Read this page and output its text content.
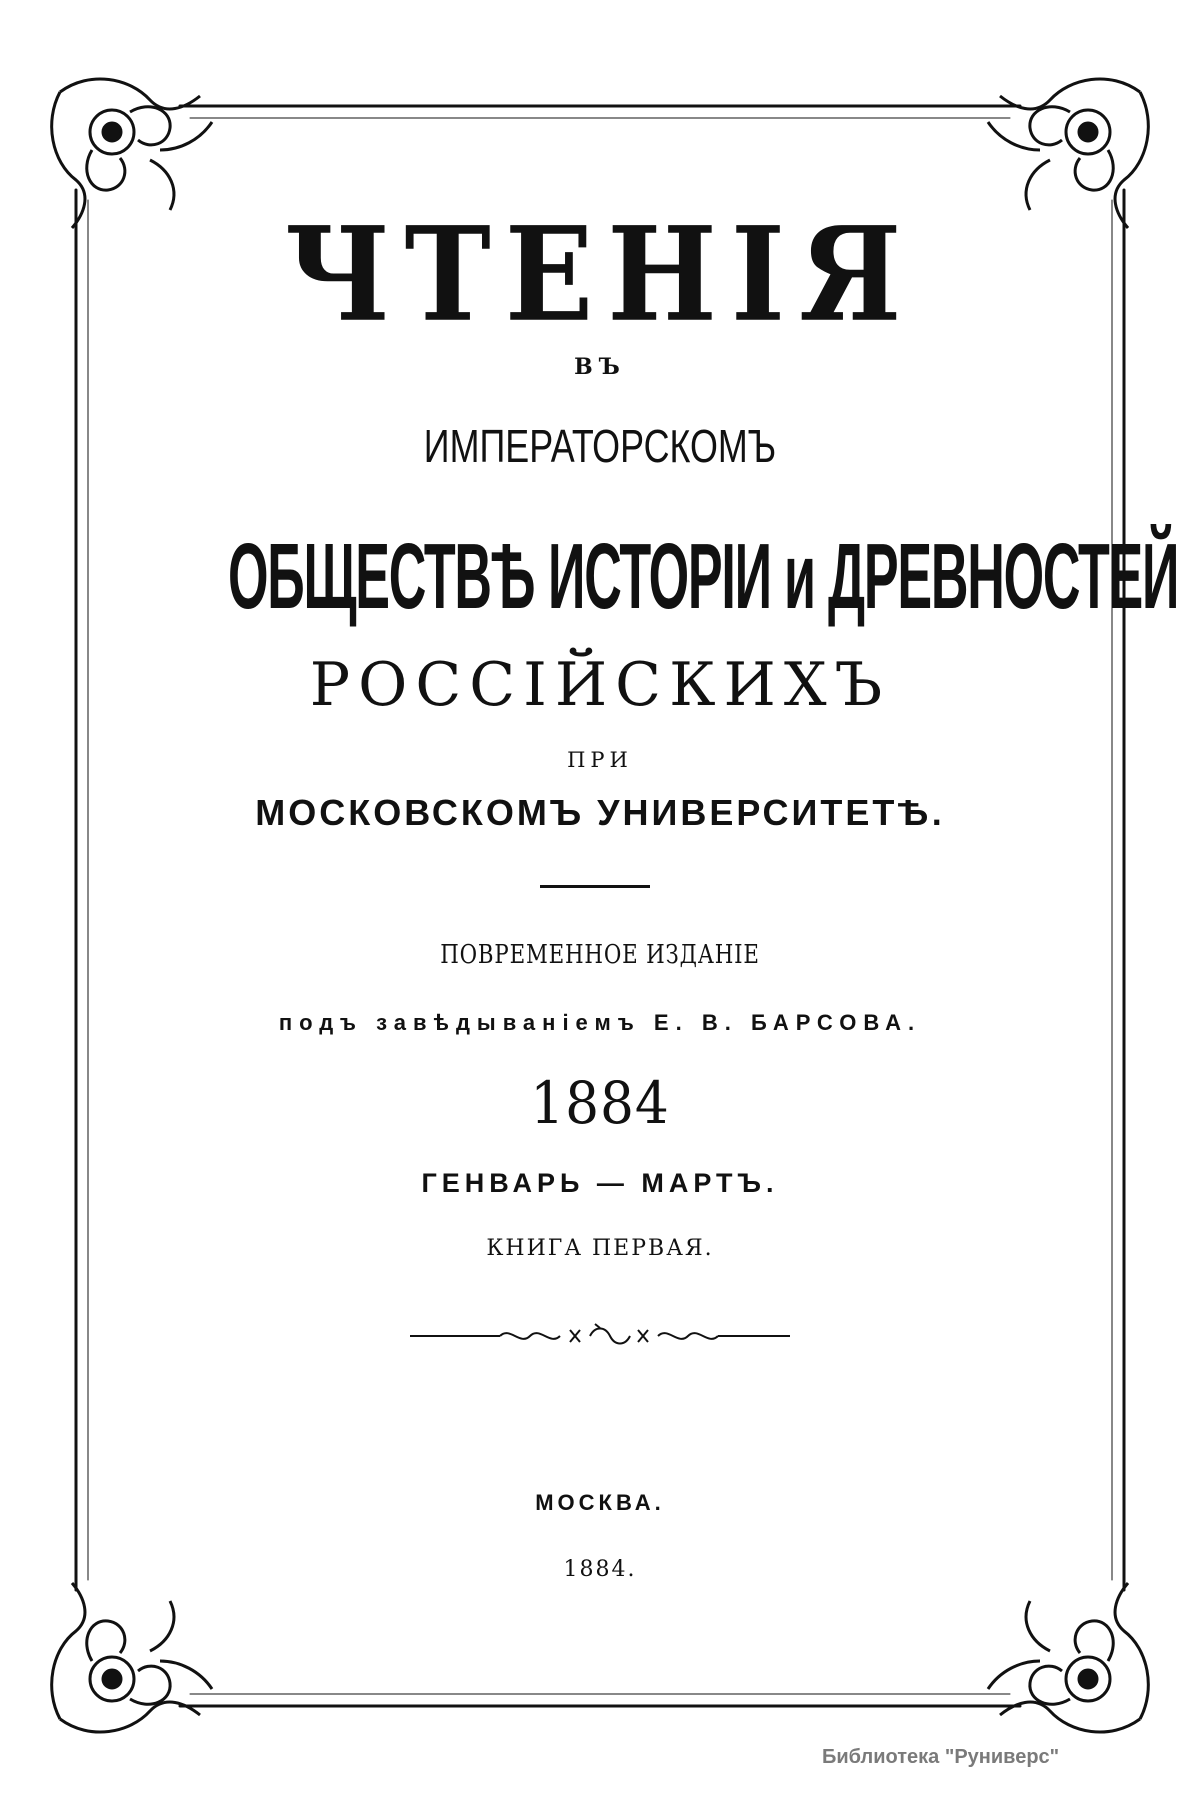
ЧТЕНІЯ
ВЪ
ИМПЕРАТОРСКОМЪ
ОБЩЕСТВѢ ИСТОРІИ и ДРЕВНОСТЕЙ
РОССІЙСКИХЪ
ПРИ
МОСКОВСКОМЪ УНИВЕРСИТЕТѢ.
ПОВРЕМЕННОЕ ИЗДАНІЕ
подъ завѣдываніемъ Е. В. БАРСОВА.
1884
ГЕНВАРЬ — МАРТЪ.
КНИГА ПЕРВАЯ.
МОСКВА.
1884.
Библиотека "Руниверс"
